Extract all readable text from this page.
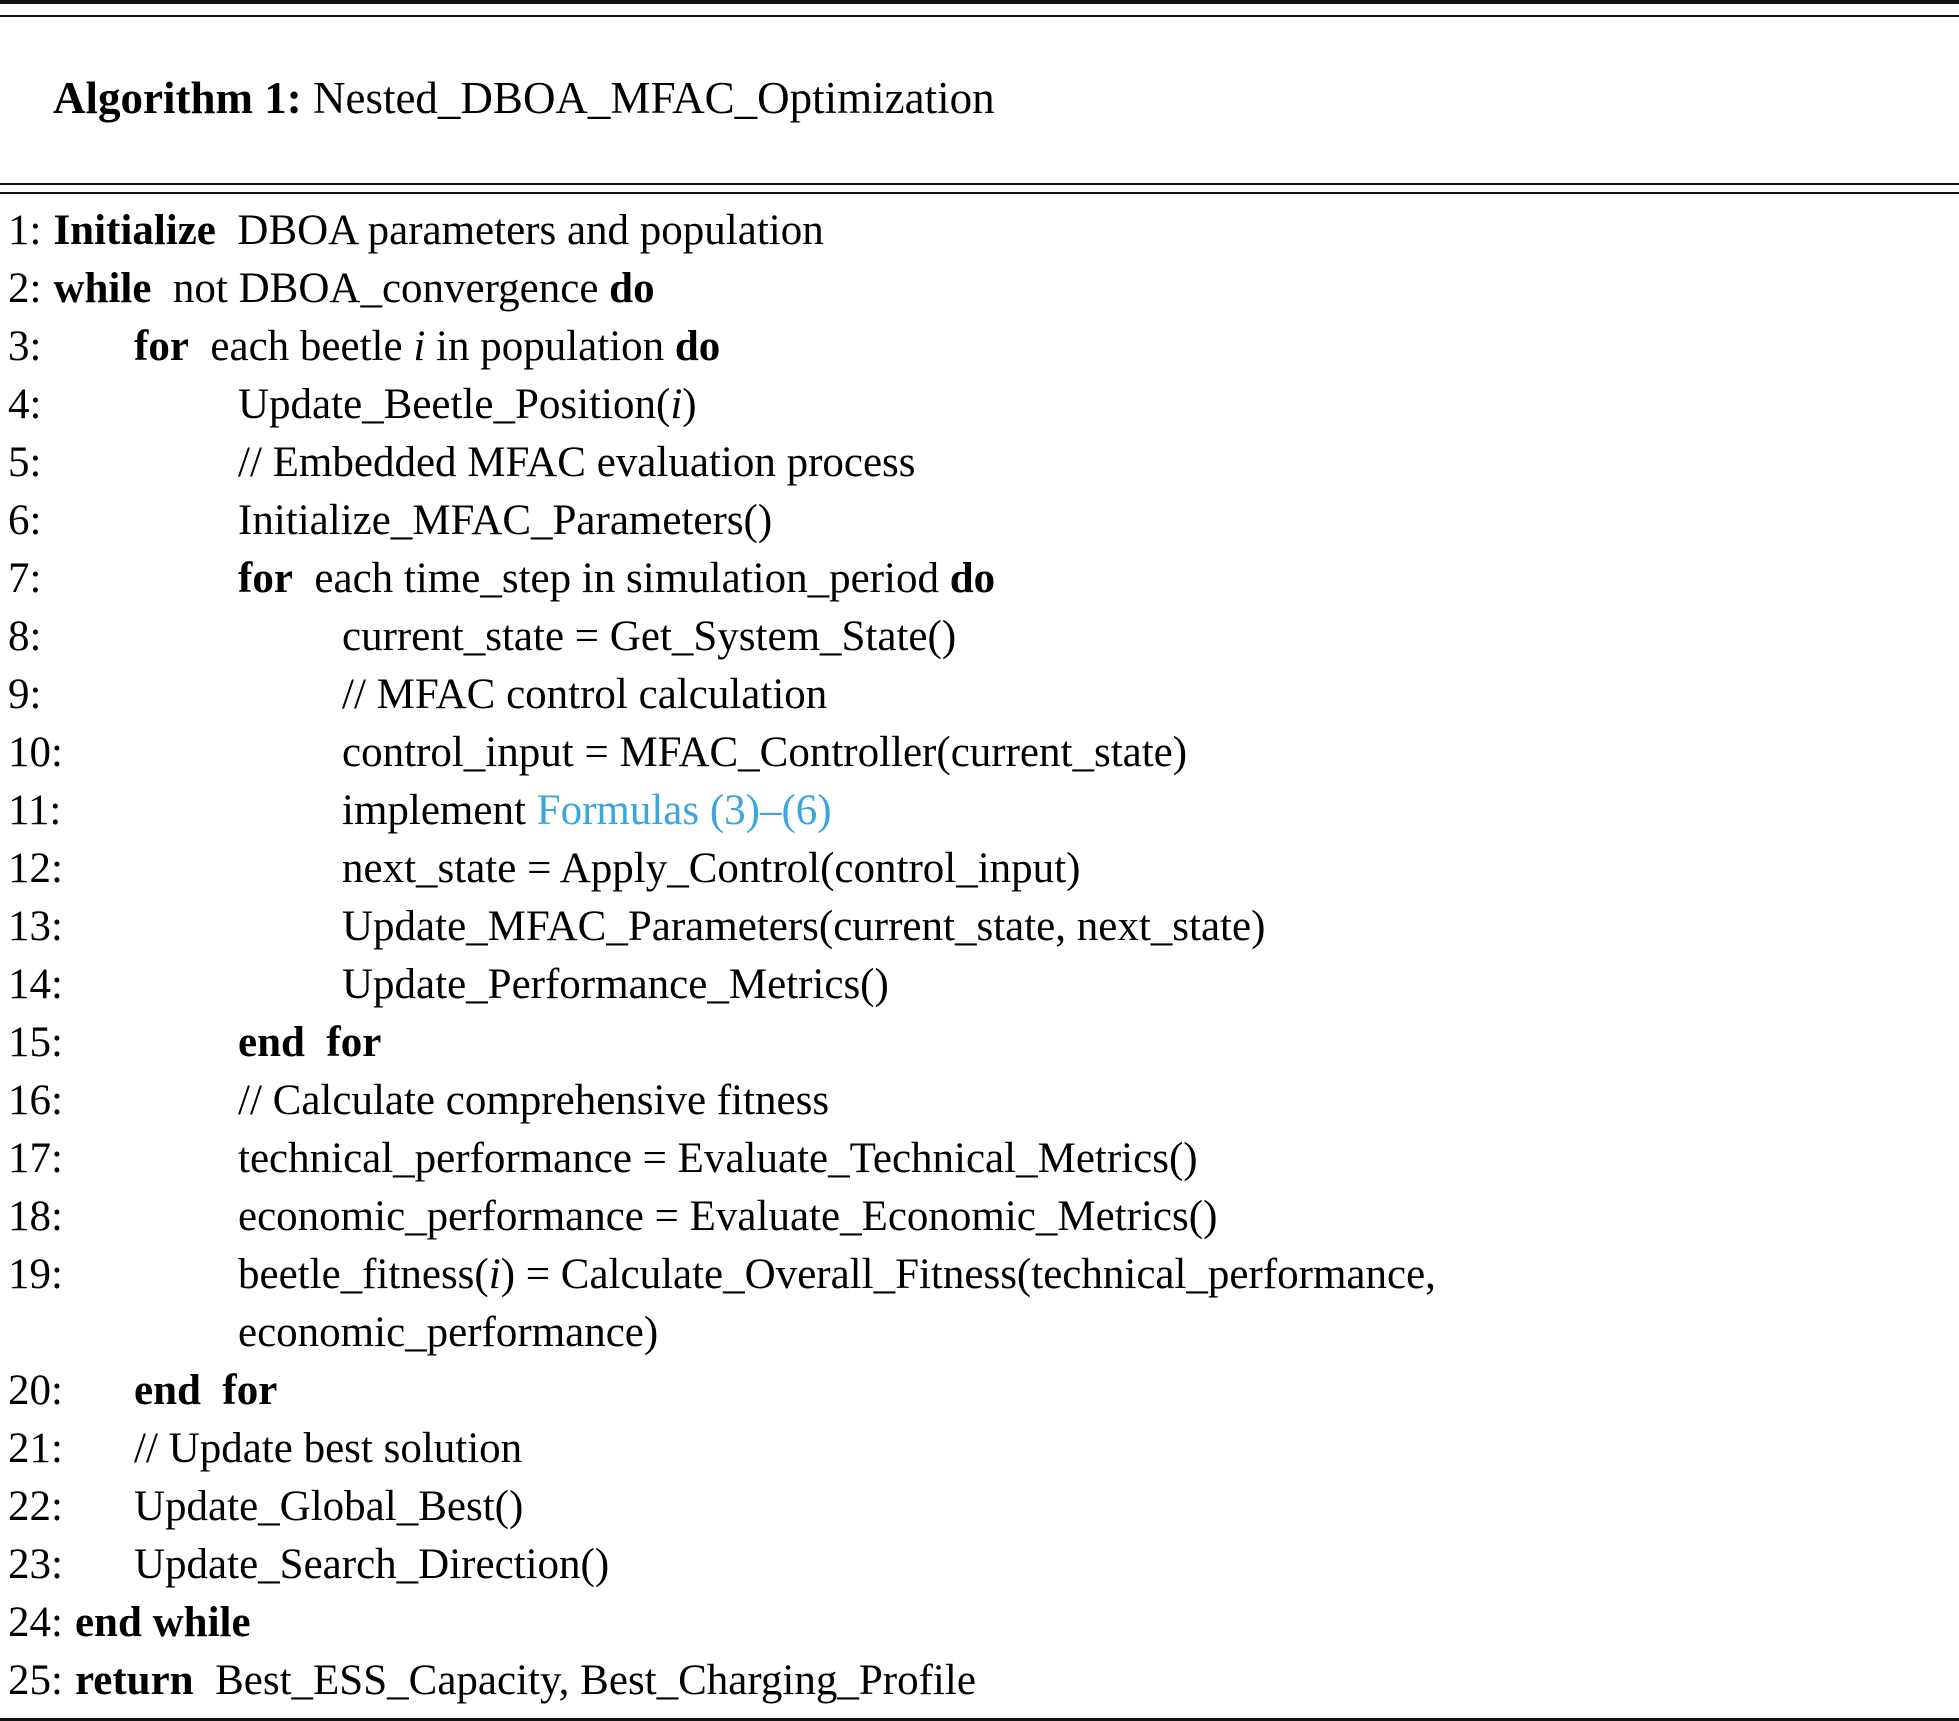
Algorithm 1: Nested_DBOA_MFAC_Optimization

1: Initialize  DBOA parameters and population
2: while  not DBOA_convergence do
3:	for  each beetle i in population do
4:	Update_Beetle_Position(i)
5:	// Embedded MFAC evaluation process
6:	Initialize_MFAC_Parameters()
7:	for  each time_step in simulation_period do
8:	current_state = Get_System_State()
9:	// MFAC control calculation
10:	control_input = MFAC_Controller(current_state)
11:	implement Formulas (3)–(6)
12:	next_state = Apply_Control(control_input)
13:	Update_MFAC_Parameters(current_state, next_state)
14:	Update_Performance_Metrics()
15:	end  for
16:	// Calculate comprehensive fitness
17:	technical_performance = Evaluate_Technical_Metrics()
18:	economic_performance = Evaluate_Economic_Metrics()
19:	beetle_fitness(i) = Calculate_Overall_Fitness(technical_performance,
economic_performance)
20:	end  for
21:	// Update best solution
22:	Update_Global_Best()
23:	Update_Search_Direction()
24: end while
25: return  Best_ESS_Capacity, Best_Charging_Profile
